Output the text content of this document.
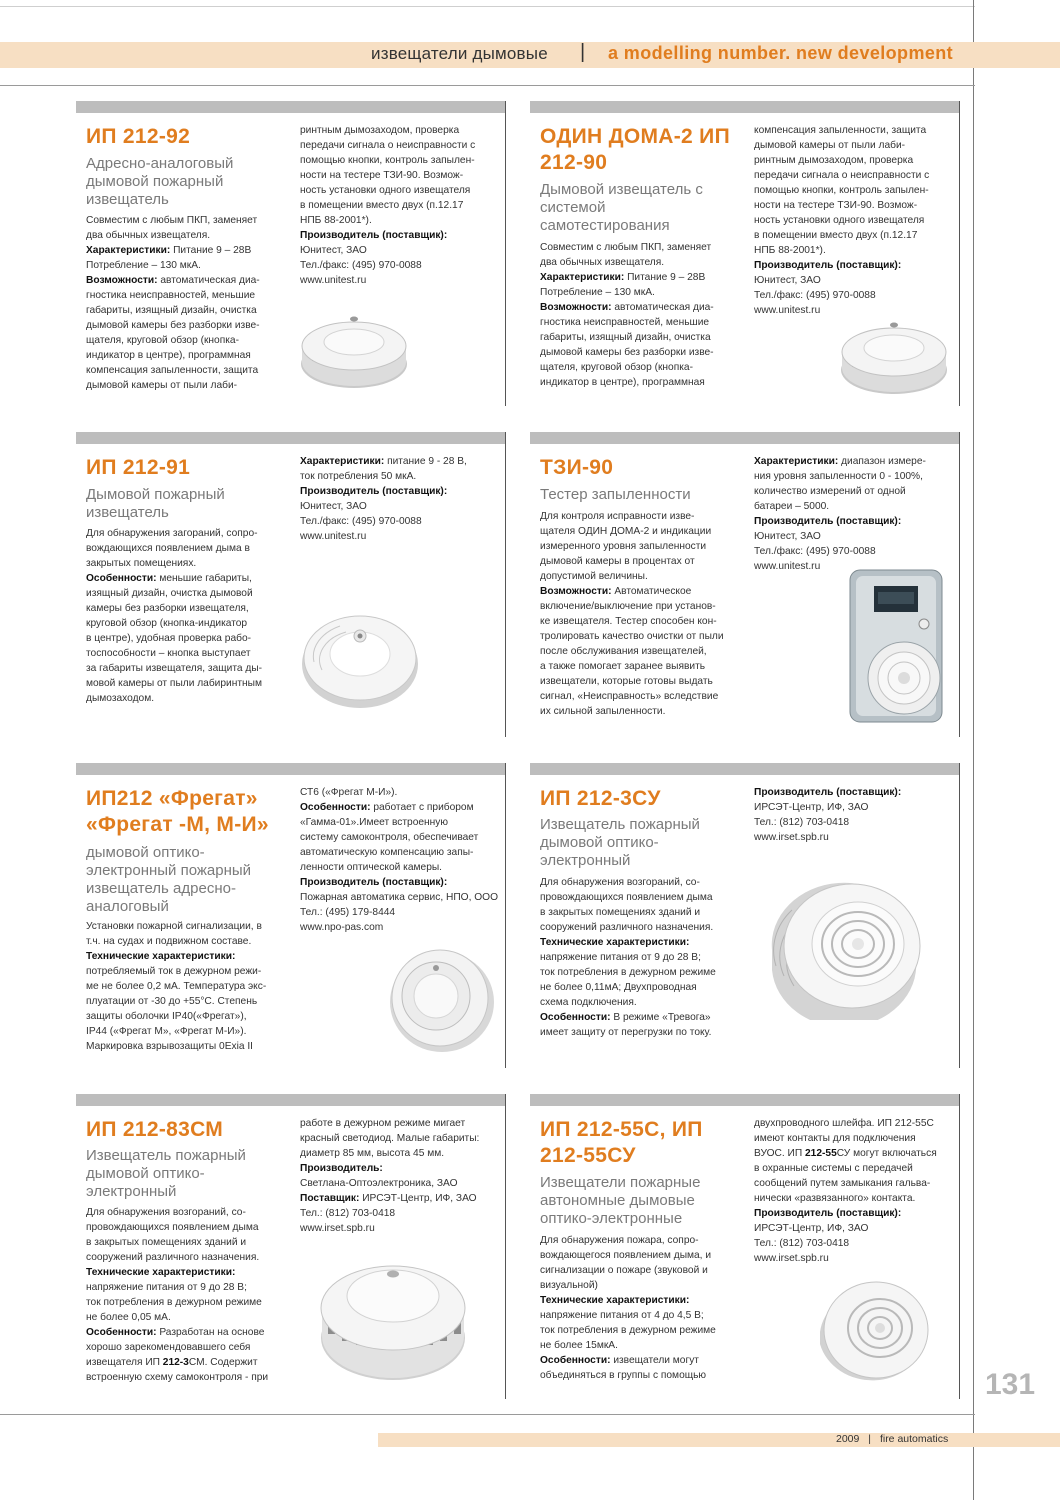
извещатели дымовые | a modelling number. new development
ИП 212-92
Адресно-аналоговый дымовой пожарный извещатель
Совместим с любым ПКП, заменяет
два обычных извещателя.
Характеристики: Питание 9 – 28В
Потребление – 130 мкА.
Возможности: автоматическая диа-
гностика неисправностей, меньшие
габариты, изящный дизайн, очистка
дымовой камеры без разборки изве-
щателя, круговой обзор (кнопка-
индикатор в центре), программная
компенсация запыленности, защита
дымовой камеры от пыли лаби-
ринтным дымозаходом, проверка
передачи сигнала о неисправности с
помощью кнопки, контроль запылен-
ности на тестере ТЗИ-90. Возмож-
ность установки одного извещателя
в помещении вместо двух (п.12.17
НПБ 88-2001*).
Производитель (поставщик):
Юнитест, ЗАО
Тел./факс: (495) 970-0088
www.unitest.ru
ОДИН ДОМА-2 ИП 212-90
Дымовой извещатель с системой самотестирования
Совместим с любым ПКП, заменяет
два обычных извещателя.
Характеристики: Питание 9 – 28В
Потребление – 130 мкА.
Возможности: автоматическая диа-
гностика неисправностей, меньшие
габариты, изящный дизайн, очистка
дымовой камеры без разборки изве-
щателя, круговой обзор (кнопка-
индикатор в центре), программная
компенсация запыленности, защита
дымовой камеры от пыли лаби-
ринтным дымозаходом, проверка
передачи сигнала о неисправности с
помощью кнопки, контроль запылен-
ности на тестере ТЗИ-90. Возмож-
ность установки одного извещателя
в помещении вместо двух (п.12.17
НПБ 88-2001*).
Производитель (поставщик):
Юнитест, ЗАО
Тел./факс: (495) 970-0088
www.unitest.ru
ИП 212-91
Дымовой пожарный извещатель
Для обнаружения загораний, сопро-
вождающихся появлением дыма в
закрытых помещениях.
Особенности: меньшие габариты,
изящный дизайн, очистка дымовой
камеры без разборки извещателя,
круговой обзор (кнопка-индикатор
в центре), удобная проверка рабо-
тоспособности – кнопка выступает
за габариты извещателя, защита ды-
мовой камеры от пыли лабиринтным
дымозаходом.
Характеристики: питание 9 - 28 В,
ток потребления 50 мкА.
Производитель (поставщик):
Юнитест, ЗАО
Тел./факс: (495) 970-0088
www.unitest.ru
ТЗИ-90
Тестер запыленности
Для контроля исправности изве-
щателя ОДИН ДОМА-2 и индикации
измеренного уровня запыленности
дымовой камеры в процентах от
допустимой величины.
Возможности: Автоматическое
включение/выключение при установ-
ке извещателя. Тестер способен кон-
тролировать качество очистки от пыли
после обслуживания извещателей,
а также помогает заранее выявить
извещатели, которые готовы выдать
сигнал, «Неисправность» вследствие
их сильной запыленности.
Характеристики: диапазон измере-
ния уровня запыленности 0 - 100%,
количество измерений от одной
батареи – 5000.
Производитель (поставщик):
Юнитест, ЗАО
Тел./факс: (495) 970-0088
www.unitest.ru
ИП212 «Фрегат» «Фрегат -М, М-И»
дымовой оптико-электронный пожарный извещатель адресно-аналоговый
Установки пожарной сигнализации, в
т.ч. на судах и подвижном составе.
Технические характеристики:
потребляемый ток в дежурном режи-
ме не более 0,2 мА. Температура экс-
плуатации от -30 до +55°С. Степень
защиты оболочки IP40(«Фрегат»),
IP44 («Фрегат М», «Фрегат М-И»).
Маркировка взрывозащиты 0Exia II
СТ6 («Фрегат М-И»).
Особенности: работает с прибором
«Гамма-01».Имеет встроенную
систему самоконтроля, обеспечивает
автоматическую компенсацию запы-
ленности оптической камеры.
Производитель (поставщик):
Пожарная автоматика сервис, НПО, ООО
Тел.: (495) 179-8444
www.npo-pas.com
ИП 212-3СУ
Извещатель пожарный дымовой оптико-электронный
Для обнаружения возгораний, со-
провождающихся появлением дыма
в закрытых помещениях зданий и
сооружений различного назначения.
Технические характеристики:
напряжение питания от 9 до 28 В;
ток потребления в дежурном режиме
не более 0,11мА; Двухпроводная
схема подключения.
Особенности: В режиме «Тревога»
имеет защиту от перегрузки по току.
Производитель (поставщик):
ИРСЭТ-Центр, ИФ, ЗАО
Тел.: (812) 703-0418
www.irset.spb.ru
ИП 212-83СМ
Извещатель пожарный дымовой оптико-электронный
Для обнаружения возгораний, со-
провождающихся появлением дыма
в закрытых помещениях зданий и
сооружений различного назначения.
Технические характеристики:
напряжение питания от 9 до 28 В;
ток потребления в дежурном режиме
не более 0,05 мА.
Особенности: Разработан на основе
хорошо зарекомендовавшего себя
извещателя ИП 212-3СМ. Содержит
встроенную схему самоконтроля - при
работе в дежурном режиме мигает
красный светодиод. Малые габариты:
диаметр 85 мм, высота 45 мм.
Производитель:
Светлана-Оптоэлектроника, ЗАО
Поставщик: ИРСЭТ-Центр, ИФ, ЗАО
Тел.: (812) 703-0418
www.irset.spb.ru
ИП 212-55С, ИП 212-55СУ
Извещатели пожарные автономные дымовые оптико-электронные
Для обнаружения пожара, сопро-
вождающегося появлением дыма, и
сигнализации о пожаре (звуковой и
визуальной)
Технические характеристики:
напряжение питания от 4 до 4,5 В;
ток потребления в дежурном режиме
не более 15мкА.
Особенности: извещатели могут
объединяться в группы с помощью
двухпроводного шлейфа. ИП 212-55С
имеют контакты для подключения
ВУОС. ИП 212-55СУ могут включаться
в охранные системы с передачей
сообщений путем замыкания гальва-
нически «развязанного» контакта.
Производитель (поставщик):
ИРСЭТ-Центр, ИФ, ЗАО
Тел.: (812) 703-0418
www.irset.spb.ru
131
2009 | fire automatics
